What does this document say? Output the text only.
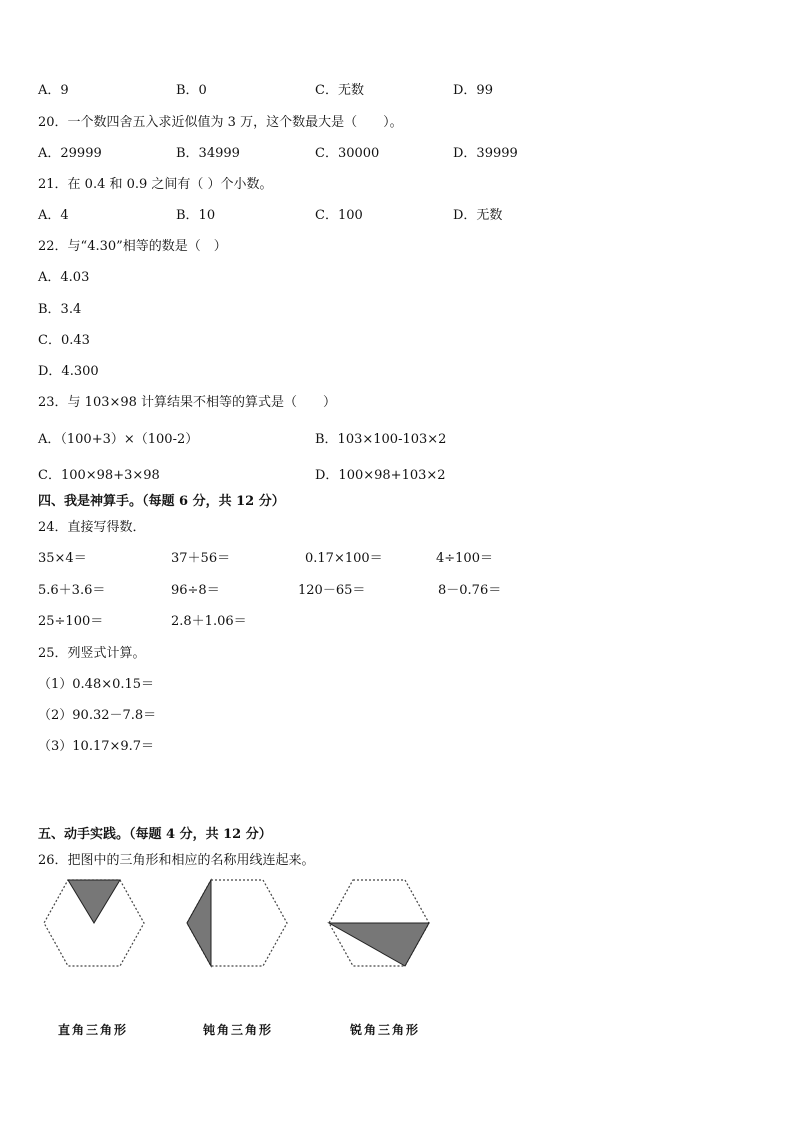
A．9	B．0	C．无数	D．99
20．一个数四舍五入求近似值为 3 万，这个数最大是（　　）。
A．29999	B．34999	C．30000	D．39999
21．在 0.4 和 0.9 之间有（ ）个小数。
A．4	B．10	C．100	D．无数
22．与“4.30”相等的数是（　）
A．4.03
B．3.4
C．0.43
D．4.300
23．与 103×98 计算结果不相等的算式是（　　）
A．（100+3）×（100-2）	B．103×100-103×2
C．100×98+3×98	D．100×98+103×2
四、我是神算手。（每题 6 分，共 12 分）
24．直接写得数．
35×4＝	37＋56＝	0.17×100＝	4÷100＝
5.6＋3.6＝	96÷8＝	120－65＝	8－0.76＝
25÷100＝	2.8＋1.06＝
25．列竖式计算。
（1）0.48×0.15＝
（2）90.32－7.8＝
（3）10.17×9.7＝
五、动手实践。（每题 4 分，共 12 分）
26．把图中的三角形和相应的名称用线连起来。
直角三角形	钝角三角形	锐角三角形
